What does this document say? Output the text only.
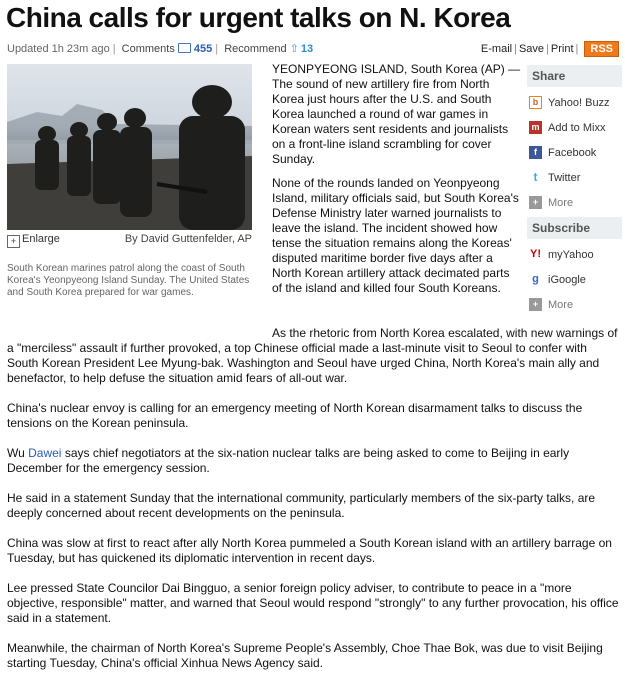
China calls for urgent talks on N. Korea
Updated 1h 23m ago | Comments 455 | Recommend ⇧ 13	E-mail | Save | Print | RSS
+ Enlarge	By David Guttenfelder, AP
South Korean marines patrol along the coast of South Korea's Yeonpyeong Island Sunday. The United States and South Korea prepared for war games.

YEONPYEONG ISLAND, South Korea (AP) — The sound of new artillery fire from North Korea just hours after the U.S. and South Korea launched a round of war games in Korean waters sent residents and journalists on a front-line island scrambling for cover Sunday.

None of the rounds landed on Yeonpyeong Island, military officials said, but South Korea's Defense Ministry later warned journalists to leave the island. The incident showed how tense the situation remains along the Koreas' disputed maritime border five days after a North Korean artillery attack decimated parts of the island and killed four South Koreans.

Share
b Yahoo! Buzz
m Add to Mixx
f	Facebook
t Twitter
+ More
Subscribe
Y! myYahoo
g iGoogle
+ More

As the rhetoric from North Korea escalated, with new warnings of a "merciless" assault if further provoked, a top Chinese official made a last-minute visit to Seoul to confer with South Korean President Lee Myung-bak. Washington and Seoul have urged China, North Korea's main ally and benefactor, to help defuse the situation amid fears of all-out war.

China's nuclear envoy is calling for an emergency meeting of North Korean disarmament talks to discuss the tensions on the Korean peninsula.

Wu Dawei says chief negotiators at the six-nation nuclear talks are being asked to come to Beijing in early December for the emergency session.

He said in a statement Sunday that the international community, particularly members of the six-party talks, are deeply concerned about recent developments on the peninsula.

China was slow at first to react after ally North Korea pummeled a South Korean island with an artillery barrage on Tuesday, but has quickened its diplomatic intervention in recent days.

Lee pressed State Councilor Dai Bingguo, a senior foreign policy adviser, to contribute to peace in a "more objective, responsible" matter, and warned that Seoul would respond "strongly" to any further provocation, his office said in a statement.

Meanwhile, the chairman of North Korea's Supreme People's Assembly, Choe Thae Bok, was due to visit Beijing starting Tuesday, China's official Xinhua News Agency said.
